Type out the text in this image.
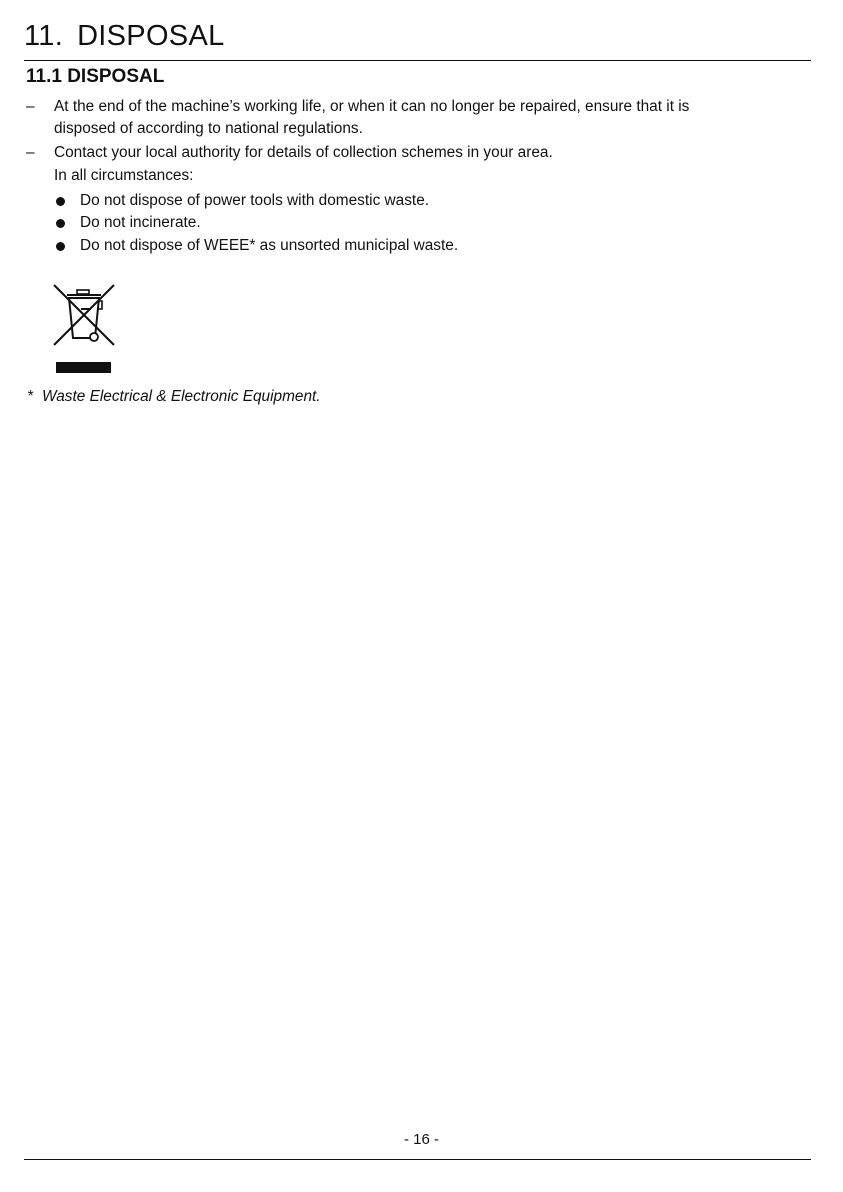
11. DISPOSAL
11.1 DISPOSAL
– At the end of the machine’s working life, or when it can no longer be repaired, ensure that it is
disposed of according to national regulations.
– Contact your local authority for details of collection schemes in your area.
In all circumstances:
Do not dispose of power tools with domestic waste.
Do not incinerate.
Do not dispose of WEEE* as unsorted municipal waste.
* Waste Electrical & Electronic Equipment.
- 16 -
